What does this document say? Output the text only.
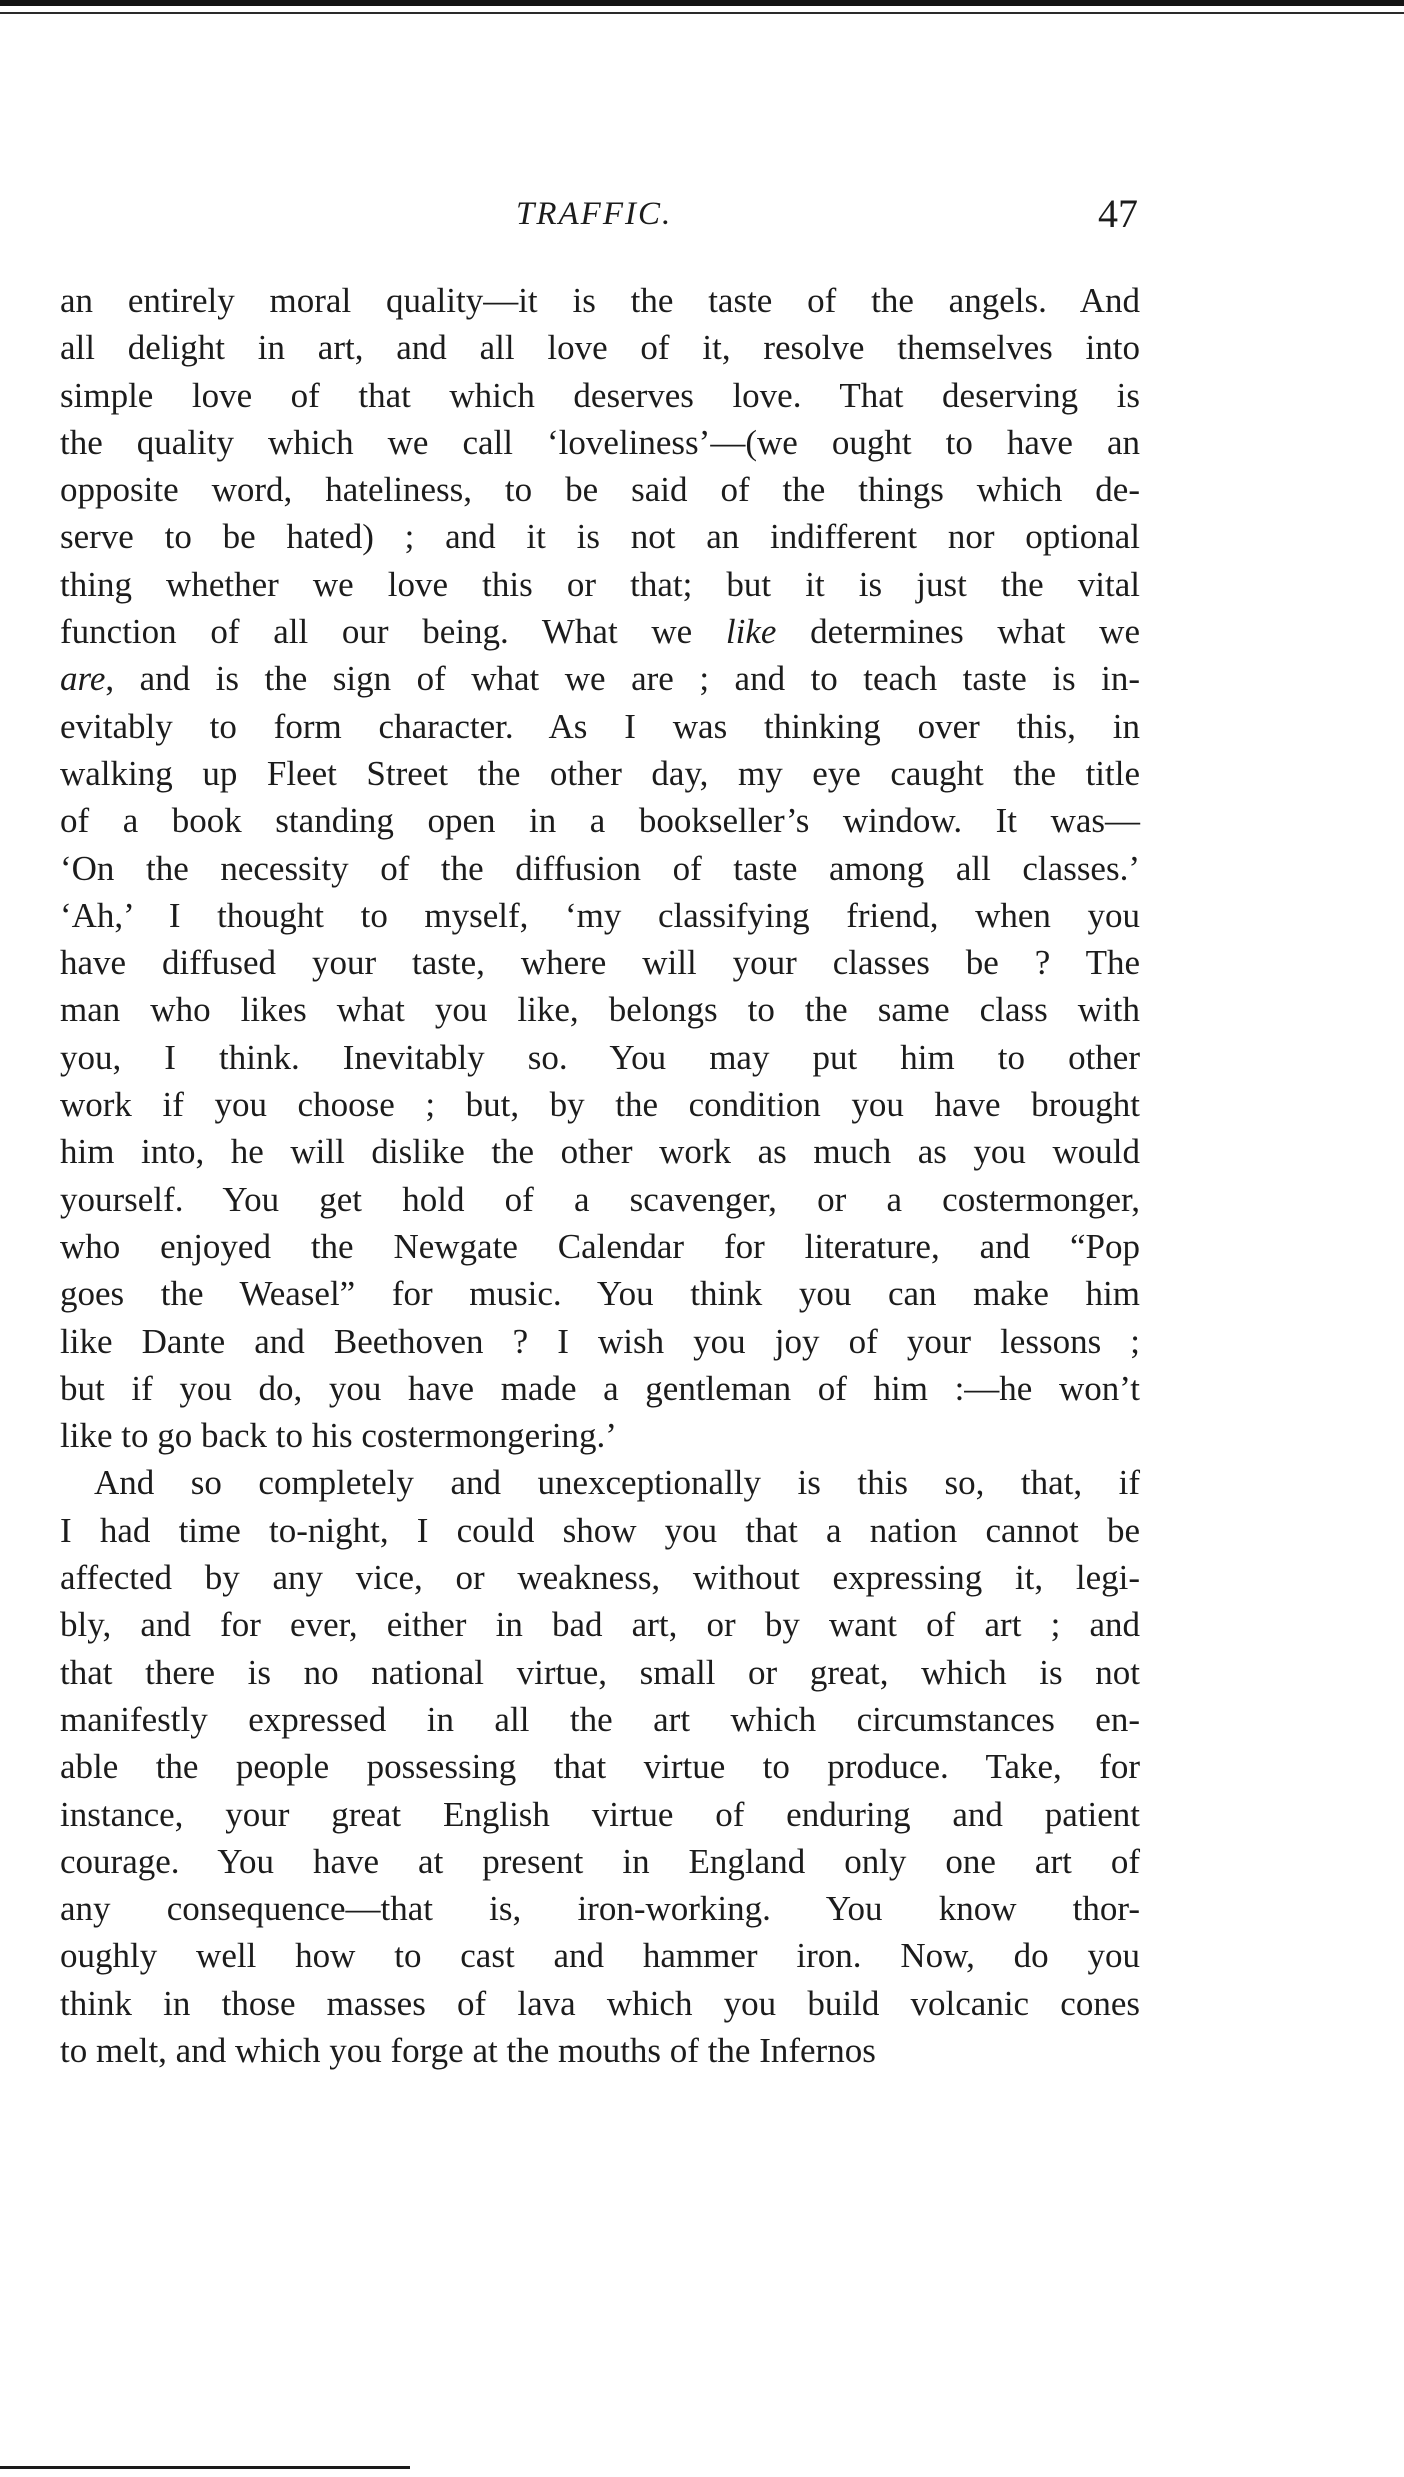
TRAFFIC.	47
an entirely moral quality—it is the taste of the angels. And
all delight in art, and all love of it, resolve themselves into
simple love of that which deserves love. That deserving is
the quality which we call ‘loveliness’—(we ought to have an
opposite word, hateliness, to be said of the things which de-
serve to be hated) ; and it is not an indifferent nor optional
thing whether we love this or that; but it is just the vital
function of all our being. What we like determines what we
are, and is the sign of what we are ; and to teach taste is in-
evitably to form character. As I was thinking over this, in
walking up Fleet Street the other day, my eye caught the title
of a book standing open in a bookseller’s window. It was—
‘On the necessity of the diffusion of taste among all classes.’
‘Ah,’ I thought to myself, ‘my classifying friend, when you
have diffused your taste, where will your classes be ? The
man who likes what you like, belongs to the same class with
you, I think. Inevitably so. You may put him to other
work if you choose ; but, by the condition you have brought
him into, he will dislike the other work as much as you would
yourself. You get hold of a scavenger, or a costermonger,
who enjoyed the Newgate Calendar for literature, and “Pop
goes the Weasel” for music. You think you can make him
like Dante and Beethoven ? I wish you joy of your lessons ;
but if you do, you have made a gentleman of him :—he won’t
like to go back to his costermongering.’
And so completely and unexceptionally is this so, that, if
I had time to-night, I could show you that a nation cannot be
affected by any vice, or weakness, without expressing it, legi-
bly, and for ever, either in bad art, or by want of art ; and
that there is no national virtue, small or great, which is not
manifestly expressed in all the art which circumstances en-
able the people possessing that virtue to produce. Take, for
instance, your great English virtue of enduring and patient
courage. You have at present in England only one art of
any consequence—that is, iron-working. You know thor-
oughly well how to cast and hammer iron. Now, do you
think in those masses of lava which you build volcanic cones
to melt, and which you forge at the mouths of the Infernos
